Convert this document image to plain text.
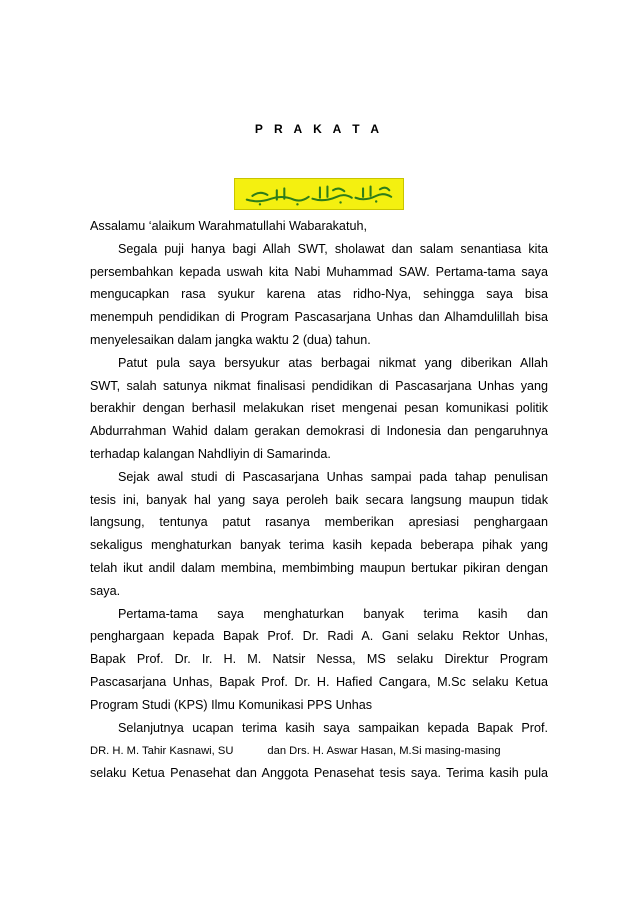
P R A K A T A
Assalamu ‘alaikum Warahmatullahi Wabarakatuh,
Segala puji hanya bagi Allah SWT, sholawat dan salam senantiasa kita
persembahkan kepada uswah kita Nabi Muhammad SAW. Pertama-tama saya
mengucapkan rasa syukur karena atas ridho-Nya, sehingga saya bisa
menempuh pendidikan di Program Pascasarjana Unhas dan Alhamdulillah bisa
menyelesaikan dalam jangka waktu 2 (dua) tahun.
Patut pula saya bersyukur atas berbagai nikmat yang diberikan Allah
SWT, salah satunya nikmat finalisasi pendidikan di Pascasarjana Unhas yang
berakhir dengan berhasil melakukan riset mengenai pesan komunikasi politik
Abdurrahman Wahid dalam gerakan demokrasi di Indonesia dan pengaruhnya
terhadap kalangan Nahdliyin di Samarinda.
Sejak awal studi di Pascasarjana Unhas sampai pada tahap penulisan
tesis ini, banyak hal yang saya peroleh baik secara langsung maupun tidak
langsung, tentunya patut rasanya memberikan apresiasi penghargaan
sekaligus menghaturkan banyak terima kasih kepada beberapa pihak yang
telah ikut andil dalam membina, membimbing maupun bertukar pikiran dengan
saya.
Pertama-tama saya menghaturkan banyak terima kasih dan
penghargaan kepada Bapak Prof. Dr. Radi A. Gani selaku Rektor Unhas,
Bapak Prof. Dr. Ir. H. M. Natsir Nessa, MS selaku Direktur Program
Pascasarjana Unhas, Bapak Prof. Dr. H. Hafied Cangara, M.Sc selaku Ketua
Program Studi (KPS) Ilmu Komunikasi PPS Unhas
Selanjutnya ucapan terima kasih saya sampaikan kepada Bapak Prof.
DR. H. M. Tahir Kasnawi, SU	dan Drs. H. Aswar Hasan, M.Si masing-masing
selaku Ketua Penasehat dan Anggota Penasehat tesis saya. Terima kasih pula
